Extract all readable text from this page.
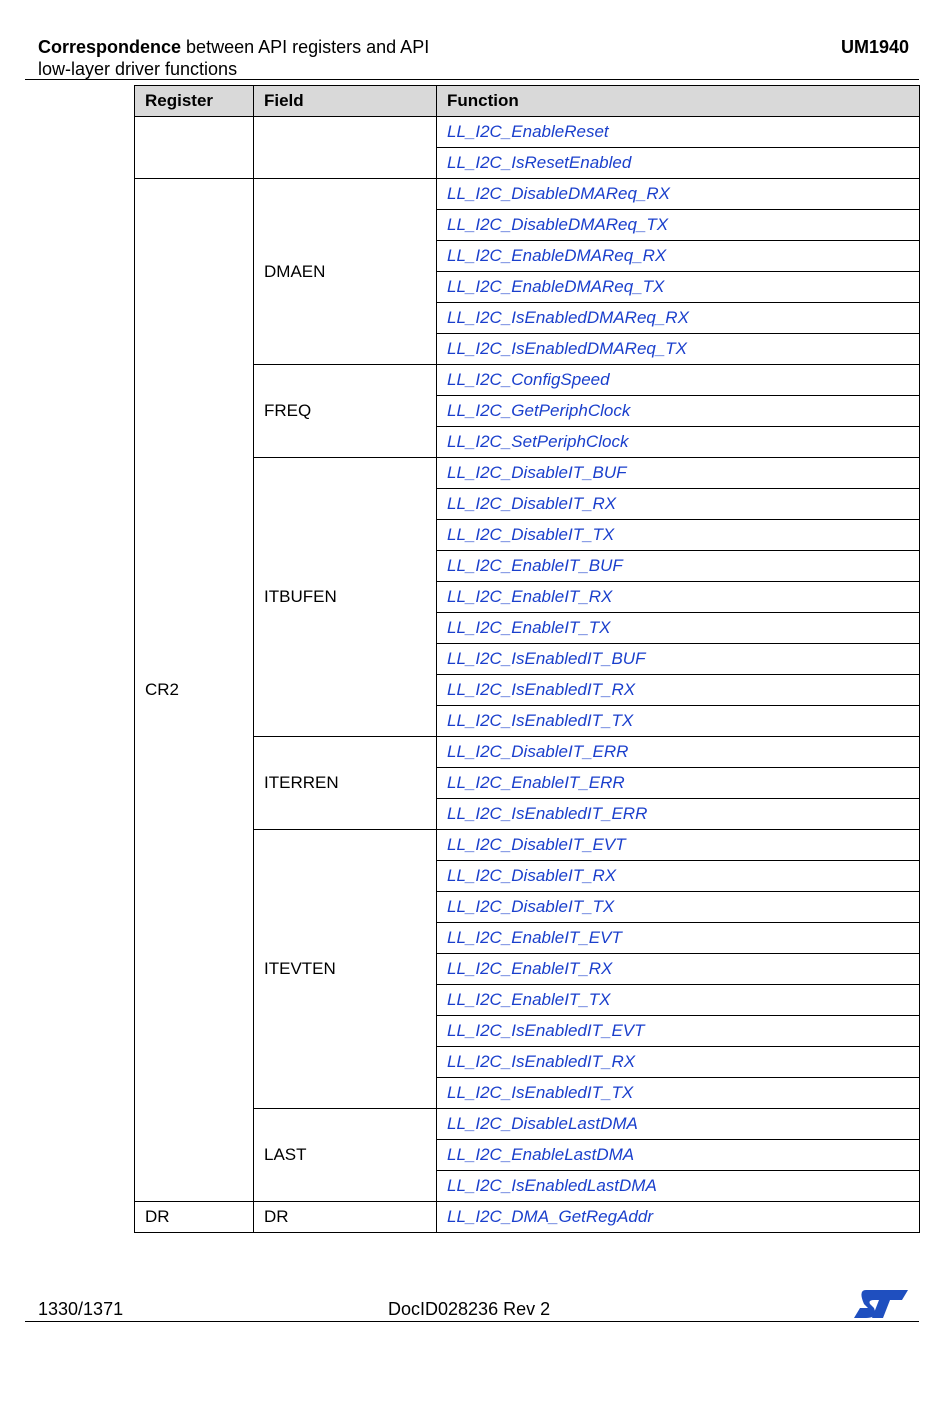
Correspondence between API registers and API
low-layer driver functions
UM1940
Register	Field	Function
		LL_I2C_EnableReset
		LL_I2C_IsResetEnabled
CR2	DMAEN	LL_I2C_DisableDMAReq_RX
		LL_I2C_DisableDMAReq_TX
		LL_I2C_EnableDMAReq_RX
		LL_I2C_EnableDMAReq_TX
		LL_I2C_IsEnabledDMAReq_RX
		LL_I2C_IsEnabledDMAReq_TX
	FREQ	LL_I2C_ConfigSpeed
		LL_I2C_GetPeriphClock
		LL_I2C_SetPeriphClock
	ITBUFEN	LL_I2C_DisableIT_BUF
		LL_I2C_DisableIT_RX
		LL_I2C_DisableIT_TX
		LL_I2C_EnableIT_BUF
		LL_I2C_EnableIT_RX
		LL_I2C_EnableIT_TX
		LL_I2C_IsEnabledIT_BUF
		LL_I2C_IsEnabledIT_RX
		LL_I2C_IsEnabledIT_TX
	ITERREN	LL_I2C_DisableIT_ERR
		LL_I2C_EnableIT_ERR
		LL_I2C_IsEnabledIT_ERR
	ITEVTEN	LL_I2C_DisableIT_EVT
		LL_I2C_DisableIT_RX
		LL_I2C_DisableIT_TX
		LL_I2C_EnableIT_EVT
		LL_I2C_EnableIT_RX
		LL_I2C_EnableIT_TX
		LL_I2C_IsEnabledIT_EVT
		LL_I2C_IsEnabledIT_RX
		LL_I2C_IsEnabledIT_TX
	LAST	LL_I2C_DisableLastDMA
		LL_I2C_EnableLastDMA
		LL_I2C_IsEnabledLastDMA
DR	DR	LL_I2C_DMA_GetRegAddr
1330/1371	DocID028236 Rev 2
